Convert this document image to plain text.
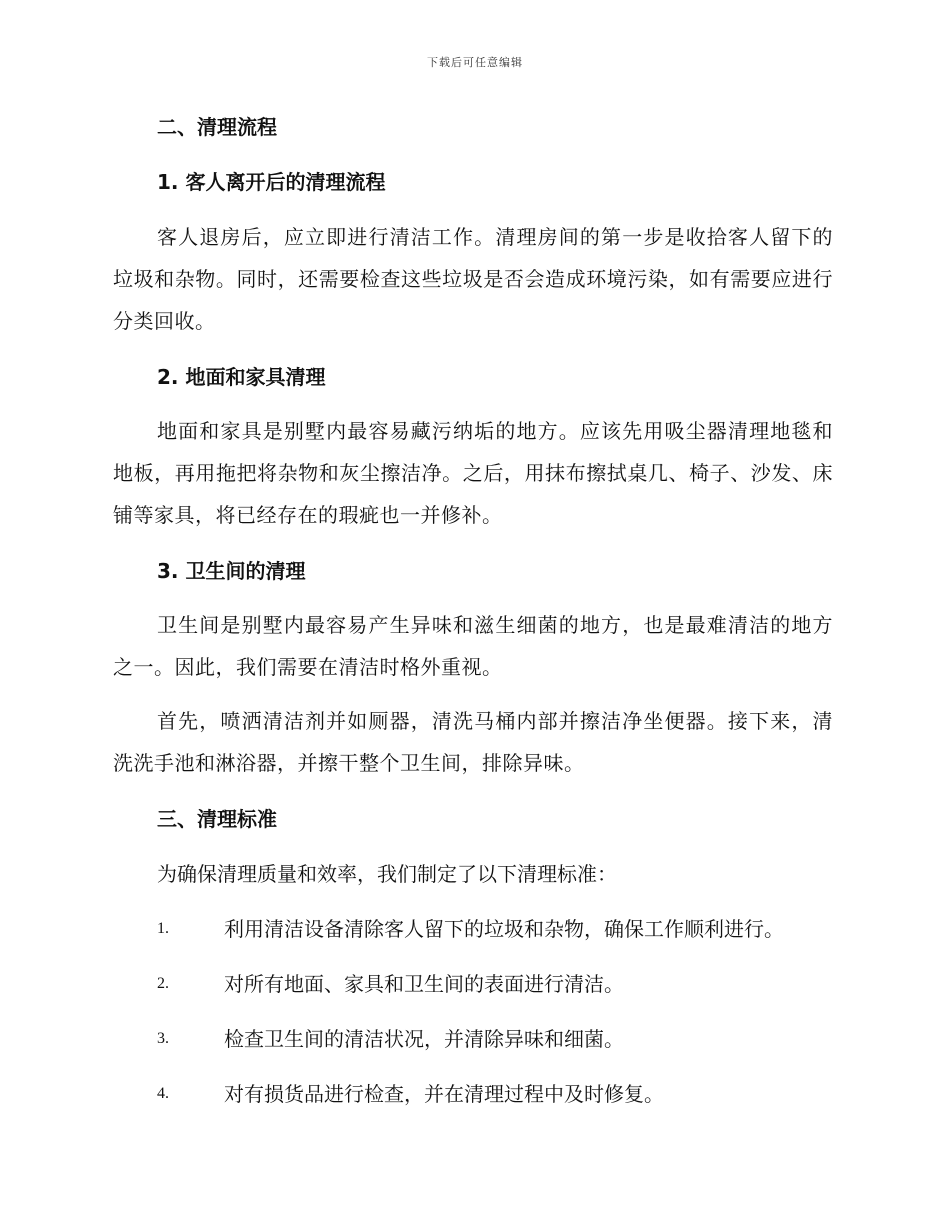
下载后可任意编辑
二、清理流程
1. 客人离开后的清理流程
客人退房后，应立即进行清洁工作。清理房间的第一步是收拾客人留下的垃圾和杂物。同时，还需要检查这些垃圾是否会造成环境污染，如有需要应进行分类回收。
2. 地面和家具清理
地面和家具是别墅内最容易藏污纳垢的地方。应该先用吸尘器清理地毯和地板，再用拖把将杂物和灰尘擦洁净。之后，用抹布擦拭桌几、椅子、沙发、床铺等家具，将已经存在的瑕疵也一并修补。
3. 卫生间的清理
卫生间是别墅内最容易产生异味和滋生细菌的地方，也是最难清洁的地方之一。因此，我们需要在清洁时格外重视。
首先，喷洒清洁剂并如厕器，清洗马桶内部并擦洁净坐便器。接下来，清洗洗手池和淋浴器，并擦干整个卫生间，排除异味。
三、清理标准
为确保清理质量和效率，我们制定了以下清理标准：
1.	利用清洁设备清除客人留下的垃圾和杂物，确保工作顺利进行。
2.	对所有地面、家具和卫生间的表面进行清洁。
3.	检查卫生间的清洁状况，并清除异味和细菌。
4.	对有损货品进行检查，并在清理过程中及时修复。
